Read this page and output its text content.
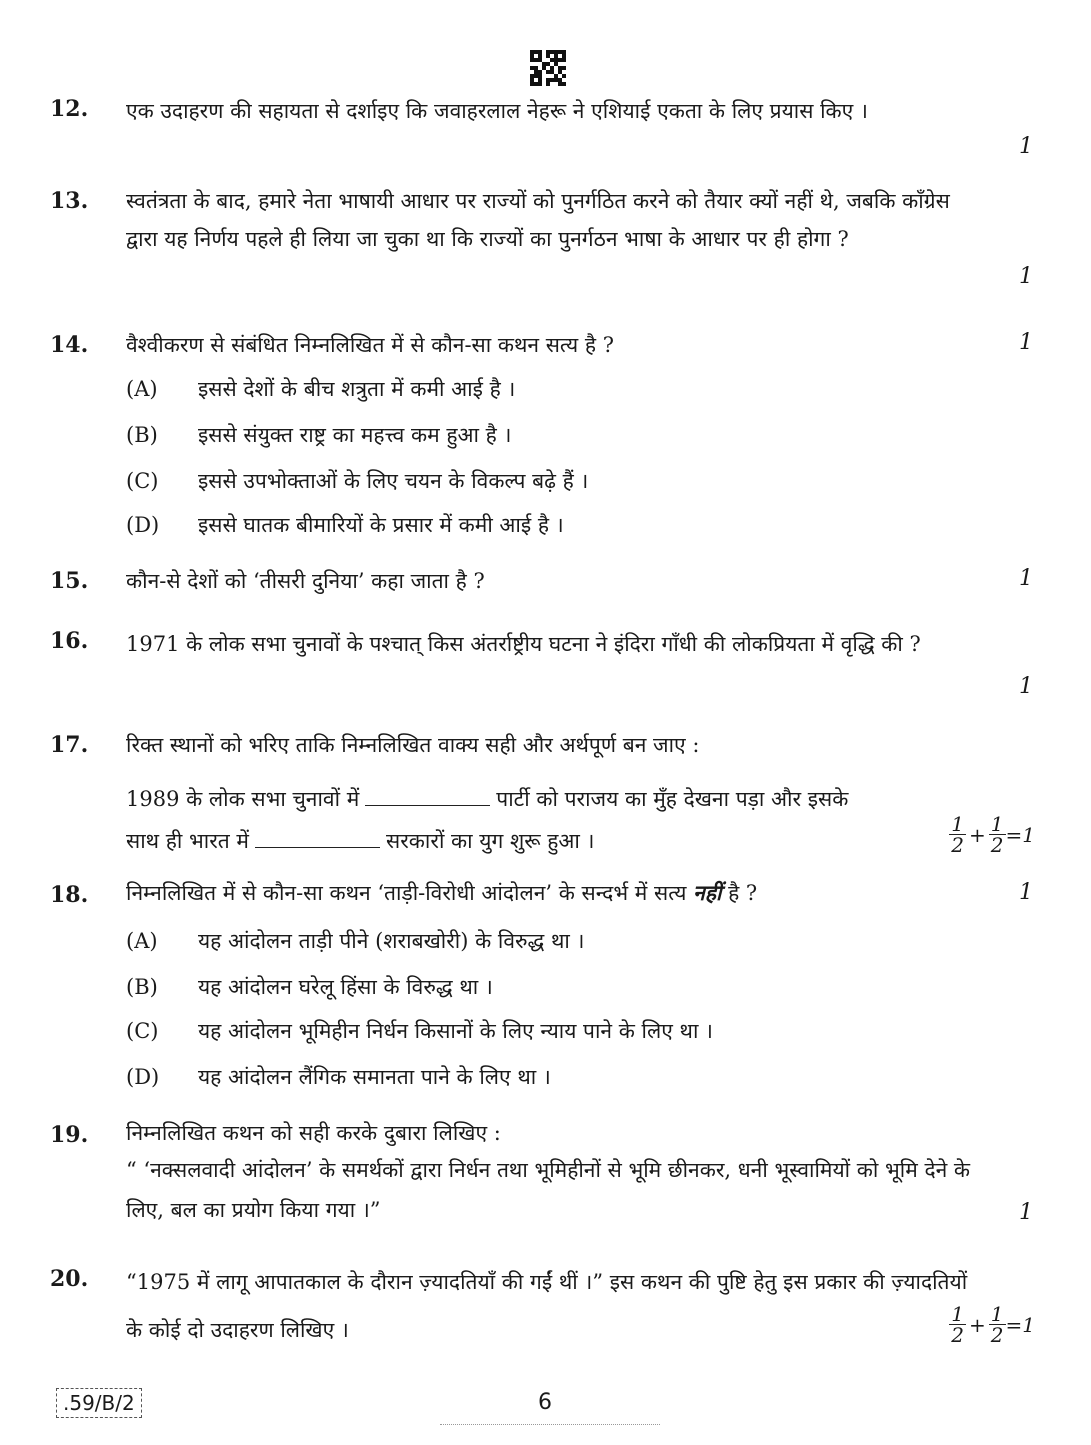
12. एक उदाहरण की सहायता से दर्शाइए कि जवाहरलाल नेहरू ने एशियाई एकता के लिए प्रयास किए ।
1
13. स्वतंत्रता के बाद, हमारे नेता भाषायी आधार पर राज्यों को पुनर्गठित करने को तैयार क्यों नहीं थे, जबकि काँग्रेस द्वारा यह निर्णय पहले ही लिया जा चुका था कि राज्यों का पुनर्गठन भाषा के आधार पर ही होगा ?
1
14. वैश्वीकरण से संबंधित निम्नलिखित में से कौन-सा कथन सत्य है ?	1
(A) इससे देशों के बीच शत्रुता में कमी आई है ।
(B) इससे संयुक्त राष्ट्र का महत्त्व कम हुआ है ।
(C) इससे उपभोक्ताओं के लिए चयन के विकल्प बढ़े हैं ।
(D) इससे घातक बीमारियों के प्रसार में कमी आई है ।
15. कौन-से देशों को ‘तीसरी दुनिया’ कहा जाता है ?	1
16. 1971 के लोक सभा चुनावों के पश्चात् किस अंतर्राष्ट्रीय घटना ने इंदिरा गाँधी की लोकप्रियता में वृद्धि की ?
1
17. रिक्त स्थानों को भरिए ताकि निम्नलिखित वाक्य सही और अर्थपूर्ण बन जाए :
1989 के लोक सभा चुनावों में	पार्टी को पराजय का मुँह देखना पड़ा और इसके
साथ ही भारत में	सरकारों का युग शुरू हुआ ।
1
$2 + \frac{1}{2} = 1$
18. निम्नलिखित में से कौन-सा कथन ‘ताड़ी-विरोधी आंदोलन’ के सन्दर्भ में सत्य नहीं है ?	1
(A) यह आंदोलन ताड़ी पीने (शराबखोरी) के विरुद्ध था ।
(B) यह आंदोलन घरेलू हिंसा के विरुद्ध था ।
(C) यह आंदोलन भूमिहीन निर्धन किसानों के लिए न्याय पाने के लिए था ।
(D) यह आंदोलन लैंगिक समानता पाने के लिए था ।
19. निम्नलिखित कथन को सही करके दुबारा लिखिए :
“ ‘नक्सलवादी आंदोलन’ के समर्थकों द्वारा निर्धन तथा भूमिहीनों से भूमि छीनकर, धनी भूस्वामियों को भूमि देने के लिए, बल का प्रयोग किया गया ।”	1
20. “1975 में लागू आपातकाल के दौरान ज़्यादतियाँ की गईं थीं ।” इस कथन की पुष्टि हेतु इस प्रकार की ज़्यादतियों के कोई दो उदाहरण लिखिए ।
1
$2 + \frac{1}{2} = 1$
.59/B/2	6
